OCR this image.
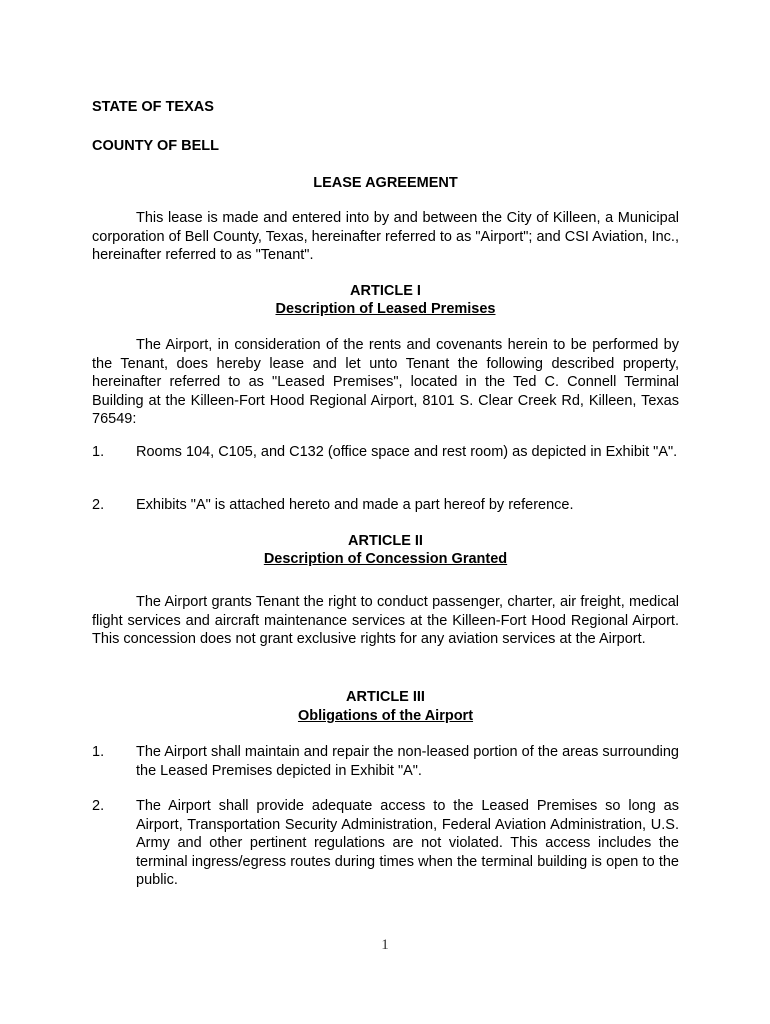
STATE OF TEXAS
COUNTY OF BELL
LEASE AGREEMENT
This lease is made and entered into by and between the City of Killeen, a Municipal corporation of Bell County, Texas, hereinafter referred to as "Airport"; and CSI Aviation, Inc., hereinafter referred to as "Tenant".
ARTICLE I
Description of Leased Premises
The Airport, in consideration of the rents and covenants herein to be performed by the Tenant, does hereby lease and let unto Tenant the following described property, hereinafter referred to as "Leased Premises", located in the Ted C. Connell Terminal Building at the Killeen-Fort Hood Regional Airport, 8101 S. Clear Creek Rd, Killeen, Texas 76549:
1. Rooms 104, C105, and C132 (office space and rest room) as depicted in Exhibit "A".
2. Exhibits "A" is attached hereto and made a part hereof by reference.
ARTICLE II
Description of Concession Granted
The Airport grants Tenant the right to conduct passenger, charter, air freight, medical flight services and aircraft maintenance services at the Killeen-Fort Hood Regional Airport. This concession does not grant exclusive rights for any aviation services at the Airport.
ARTICLE III
Obligations of the Airport
1. The Airport shall maintain and repair the non-leased portion of the areas surrounding the Leased Premises depicted in Exhibit "A".
2. The Airport shall provide adequate access to the Leased Premises so long as Airport, Transportation Security Administration, Federal Aviation Administration, U.S. Army and other pertinent regulations are not violated. This access includes the terminal ingress/egress routes during times when the terminal building is open to the public.
1
